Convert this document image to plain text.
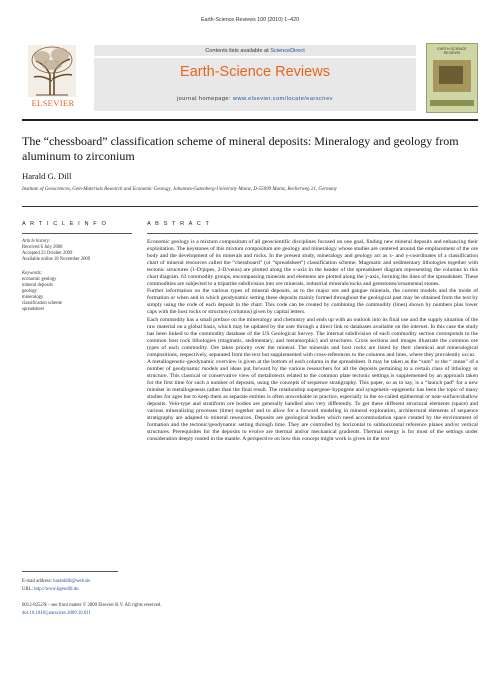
Earth-Science Reviews 100 (2010) 1–420
ELSEVIER
Contents lists available at ScienceDirect
Earth-Science Reviews
journal homepage: www.elsevier.com/locate/earscirev
EARTH-SCIENCE REVIEWS
The “chessboard” classification scheme of mineral deposits: Mineralogy and geology from aluminum to zirconium
Harald G. Dill
Institute of Geosciences, Gem-Materials Research and Economic Geology, Johannes-Gutenberg-University Mainz, D-55099 Mainz, Becherweg 21, Germany
A R T I C L E I N F O	A B S T R A C T
Article history:
Received 6 July 2008
Accepted 23 October 2009
Available online 18 November 2009
Keywords:
economic geology
mineral deposits
geology
mineralogy
classification scheme
spreadsheet

Economic geology is a mixtum compositum of all geoscientific disciplines focused on one goal, finding new mineral deposits and enhancing their exploitation. The keystones of this mixtum compositum are geology and mineralogy whose studies are centered around the emplacement of the ore body and the development of its minerals and rocks. In the present study, mineralogy and geology act as x- and y-coordinates of a classification chart of mineral resources called the “chessboard” (or “spreadsheet”) classification scheme. Magmatic and sedimentary lithologies together with tectonic structures (1-D/pipes, 2-D/veins) are plotted along the x-axis in the header of the spreadsheet diagram representing the columns in this chart diagram. 63 commodity groups, encompassing minerals and elements are plotted along the y-axis, forming the lines of the spreadsheet. These commodities are subjected to a tripartite subdivision into ore minerals, industrial minerals/rocks and gemstones/ornamental stones.

Further information on the various types of mineral deposits, as to the major ore and gangue minerals, the current models and the mode of formation or when and in which geodynamic setting these deposits mainly formed throughout the geological past may be obtained from the text by simply using the code of each deposit in the chart. This code can be created by combining the commodity (lines) shown by numbers plus lower caps with the host rocks or structure (columns) given by capital letters.

Each commodity has a small preface on the mineralogy and chemistry and ends up with an outlook into its final use and the supply situation of the raw material on a global basis, which may be updated by the user through a direct link to databases available on the internet. In this case the study has been linked to the commodity database of the US Geological Survey. The internal subdivision of each commodity section corresponds to the common host rock lithologies (magmatic, sedimentary, and metamorphic) and structures. Cross sections and images illustrate the common ore types of each commodity. Ore takes priority over the mineral. The minerals and host rocks are listed by their chemical and mineralogical compositions, respectively, separated from the text but supplemented with cross-references to the columns and lines, where they prevalently occur.

A metallogenetic-geodynamic overview is given at the bottom of each column in the spreadsheet. It may be taken as the “sum” or the “ mean” of a number of geodynamic models and ideas put forward by the various researchers for all the deposits pertaining to a certain class of lithology or structure. This classical or conservative view of metallotects related to the common plate tectonic settings is supplemented by an approach taken for the first time for such a number of deposits, using the concepts of sequence stratigraphy. This paper, so as to say, is a “launch pad” for a new mindset in metallogenesis rather than the final result. The relationship supergene–hypogene and syngenetic–epigenetic has been the topic of many studies for ages but to keep them as separate entities is often unworkable in practice, especially in the so-called epithermal or near-surface/shallow deposits. Vein-type and stratiform ore bodies are generally handled also very differently. To get these different structural elements (space) and various mineralizing processes (time) together and to allow for a forward modeling in mineral exploration, architectural elements of sequence stratigraphy are adapted to mineral resources. Deposits are geological bodies which need accommodation space created by the environment of formation and the tectonic/geodynamic setting through time. They are controlled by horizontal to subhorizontal reference planes and/or vertical structures. Prerequisites for the deposits to evolve are thermal and/or mechanical gradients. Thermal energy is for most of the settings under consideration deeply rooted in the mantle. A perspective on how this concept might work is given in the text

E-mail address: haralddill@web.de.
URL: http://www.hgeodill.de.
0012-8252/$ – see front matter © 2009 Elsevier B.V. All rights reserved.
doi:10.1016/j.earscirev.2009.10.011
